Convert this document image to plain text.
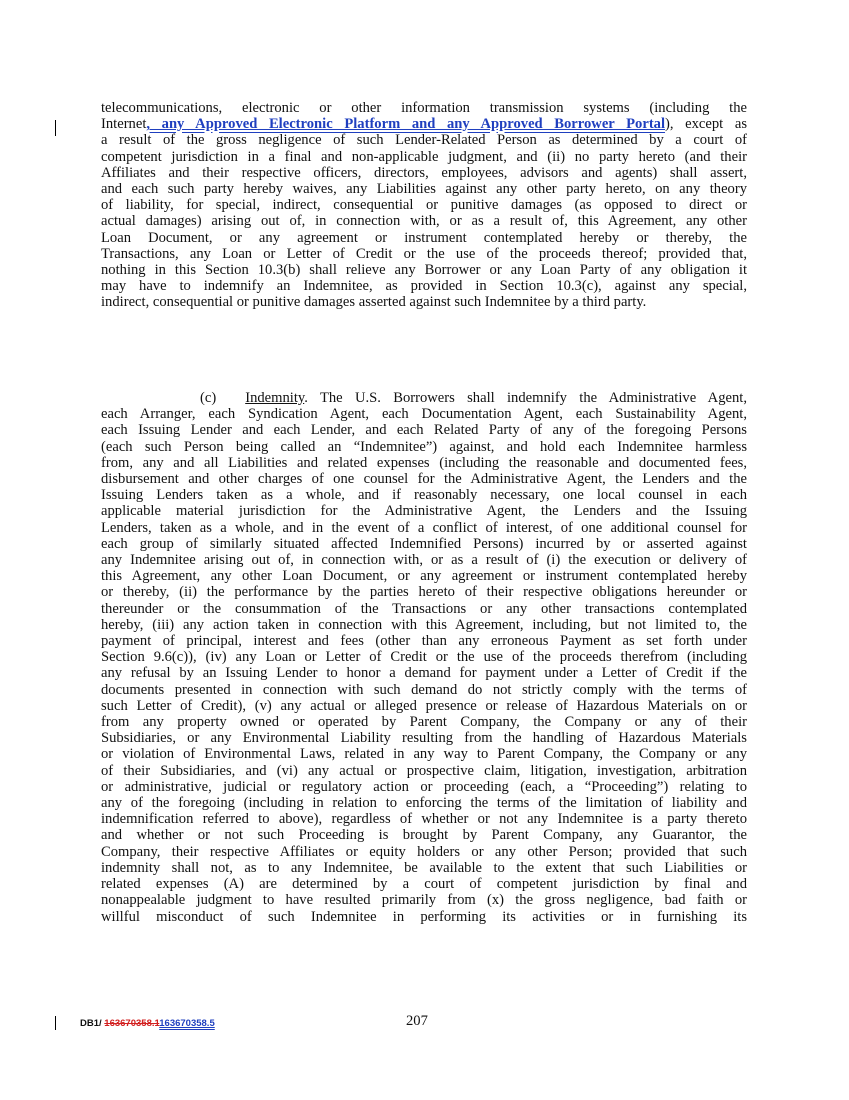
telecommunications, electronic or other information transmission systems (including the
Internet, any Approved Electronic Platform and any Approved Borrower Portal), except as
a result of the gross negligence of such Lender-Related Person as determined by a court of
competent jurisdiction in a final and non-applicable judgment, and (ii) no party hereto (and their
Affiliates and their respective officers, directors, employees, advisors and agents) shall assert,
and each such party hereby waives, any Liabilities against any other party hereto, on any theory
of liability, for special, indirect, consequential or punitive damages (as opposed to direct or
actual damages) arising out of, in connection with, or as a result of, this Agreement, any other
Loan Document, or any agreement or instrument contemplated hereby or thereby, the
Transactions, any Loan or Letter of Credit or the use of the proceeds thereof; provided that,
nothing in this Section 10.3(b) shall relieve any Borrower or any Loan Party of any obligation it
may have to indemnify an Indemnitee, as provided in Section 10.3(c), against any special,
indirect, consequential or punitive damages asserted against such Indemnitee by a third party.
(c) Indemnity. The U.S. Borrowers shall indemnify the Administrative Agent,
each Arranger, each Syndication Agent, each Documentation Agent, each Sustainability Agent,
each Issuing Lender and each Lender, and each Related Party of any of the foregoing Persons
(each such Person being called an “Indemnitee”) against, and hold each Indemnitee harmless
from, any and all Liabilities and related expenses (including the reasonable and documented fees,
disbursement and other charges of one counsel for the Administrative Agent, the Lenders and the
Issuing Lenders taken as a whole, and if reasonably necessary, one local counsel in each
applicable material jurisdiction for the Administrative Agent, the Lenders and the Issuing
Lenders, taken as a whole, and in the event of a conflict of interest, of one additional counsel for
each group of similarly situated affected Indemnified Persons) incurred by or asserted against
any Indemnitee arising out of, in connection with, or as a result of (i) the execution or delivery of
this Agreement, any other Loan Document, or any agreement or instrument contemplated hereby
or thereby, (ii) the performance by the parties hereto of their respective obligations hereunder or
thereunder or the consummation of the Transactions or any other transactions contemplated
hereby, (iii) any action taken in connection with this Agreement, including, but not limited to, the
payment of principal, interest and fees (other than any erroneous Payment as set forth under
Section 9.6(c)), (iv) any Loan or Letter of Credit or the use of the proceeds therefrom (including
any refusal by an Issuing Lender to honor a demand for payment under a Letter of Credit if the
documents presented in connection with such demand do not strictly comply with the terms of
such Letter of Credit), (v) any actual or alleged presence or release of Hazardous Materials on or
from any property owned or operated by Parent Company, the Company or any of their
Subsidiaries, or any Environmental Liability resulting from the handling of Hazardous Materials
or violation of Environmental Laws, related in any way to Parent Company, the Company or any
of their Subsidiaries, and (vi) any actual or prospective claim, litigation, investigation, arbitration
or administrative, judicial or regulatory action or proceeding (each, a “Proceeding”) relating to
any of the foregoing (including in relation to enforcing the terms of the limitation of liability and
indemnification referred to above), regardless of whether or not any Indemnitee is a party thereto
and whether or not such Proceeding is brought by Parent Company, any Guarantor, the
Company, their respective Affiliates or equity holders or any other Person; provided that such
indemnity shall not, as to any Indemnitee, be available to the extent that such Liabilities or
related expenses (A) are determined by a court of competent jurisdiction by final and
nonappealable judgment to have resulted primarily from (x) the gross negligence, bad faith or
willful misconduct of such Indemnitee in performing its activities or in furnishing its
DB1/ 163670358.1163670358.5	207
